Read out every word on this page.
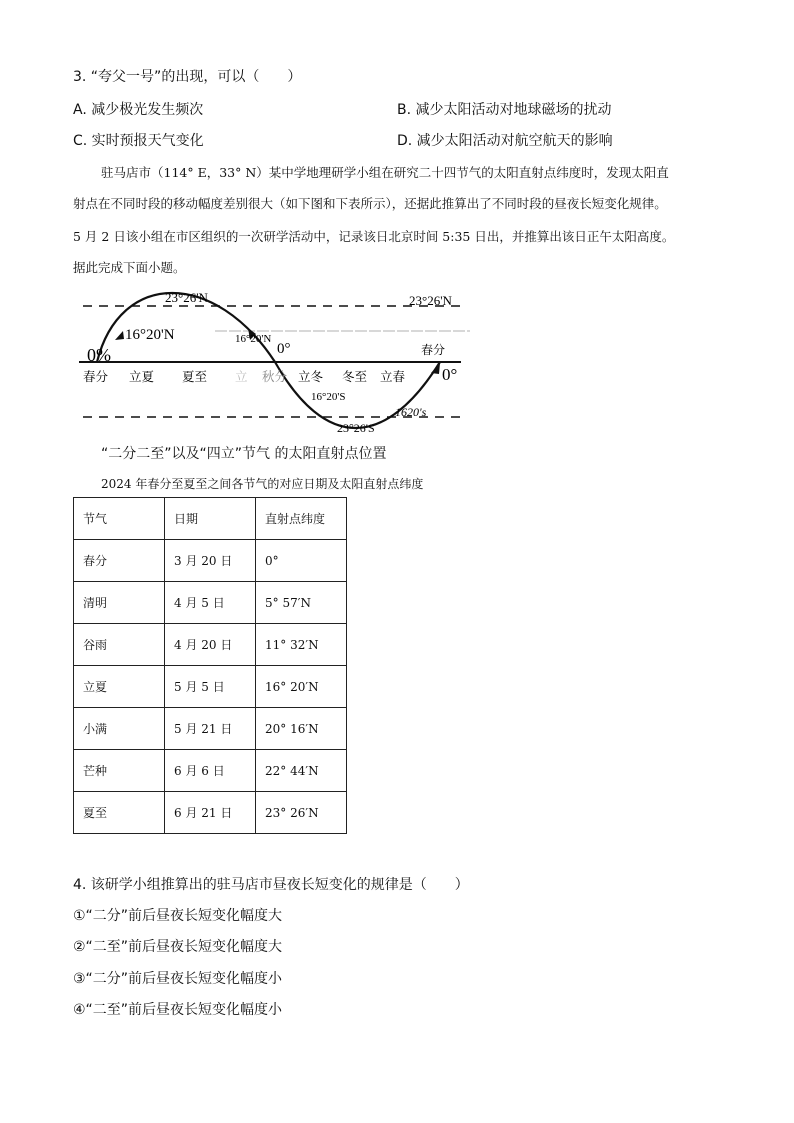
3. “夸父一号”的出现，可以（　　）
A. 减少极光发生频次	B. 减少太阳活动对地球磁场的扰动
C. 实时预报天气变化	D. 减少太阳活动对航空航天的影响
驻马店市（114° E，33° N）某中学地理研学小组在研究二十四节气的太阳直射点纬度时，发现太阳直
射点在不同时段的移动幅度差别很大（如下图和下表所示），还据此推算出了不同时段的昼夜长短变化规律。
5 月 2 日该小组在市区组织的一次研学活动中，记录该日北京时间 5:35 日出，并推算出该日正午太阳高度。
据此完成下面小题。
23°26'N	23°26'N
16°20'N	16°20'N
0%	0°	春分
0°
16°20'S
1620's
23°26'S
春分 立夏 夏至 立 秋分 立冬 冬至 立春
“二分二至”以及“四立”节气 的太阳直射点位置
2024 年春分至夏至之间各节气的对应日期及太阳直射点纬度
节气	日期	直射点纬度
春分	3 月 20 日	0°
清明	4 月 5 日	5° 57′N
谷雨	4 月 20 日	11° 32′N
立夏	5 月 5 日	16° 20′N
小满	5 月 21 日	20° 16′N
芒种	6 月 6 日	22° 44′N
夏至	6 月 21 日	23° 26′N
4. 该研学小组推算出的驻马店市昼夜长短变化的规律是（　　）
①“二分”前后昼夜长短变化幅度大
②“二至”前后昼夜长短变化幅度大
③“二分”前后昼夜长短变化幅度小
④“二至”前后昼夜长短变化幅度小
